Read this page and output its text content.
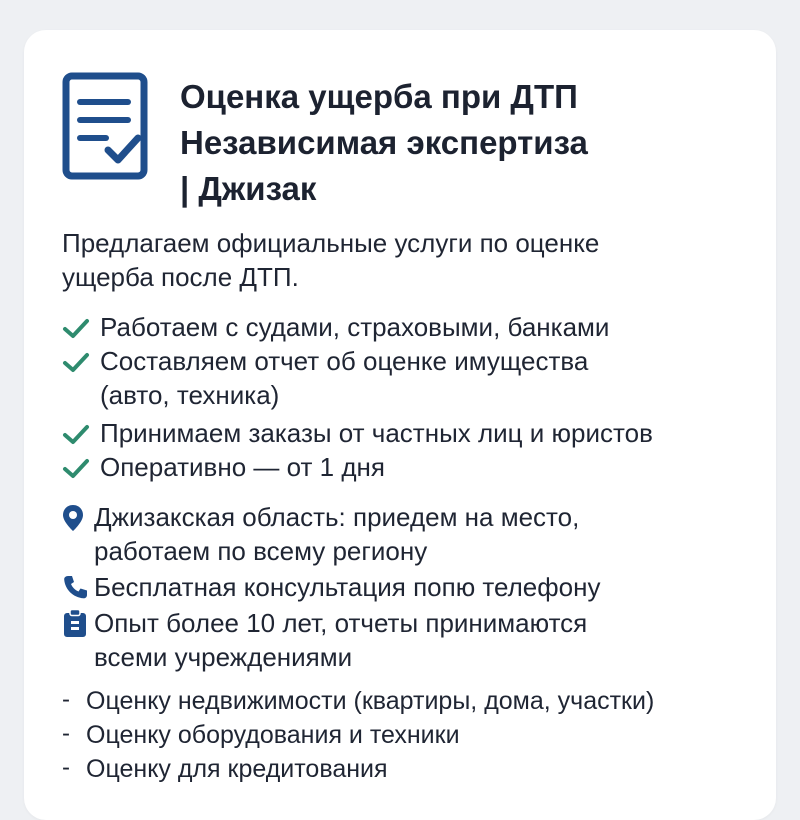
Оценка ущерба при ДТП
Независимая экспертиза
| Джизак
Предлагаем официальные услуги по оценке
ущерба после ДТП.
Работаем с судами, страховыми, банками
Составляем отчет об оценке имущества
(авто, техника)
Принимаем заказы от частных лиц и юристов
Оперативно — от 1 дня
Джизакская область: приедем на место,
работаем по всему региону
Бесплатная консультация попю телефону
Опыт более 10 лет, отчеты принимаются
всеми учреждениями
- Оценку недвижимости (квартиры, дома, участки)
- Оценку оборудования и техники
- Оценку для кредитования
